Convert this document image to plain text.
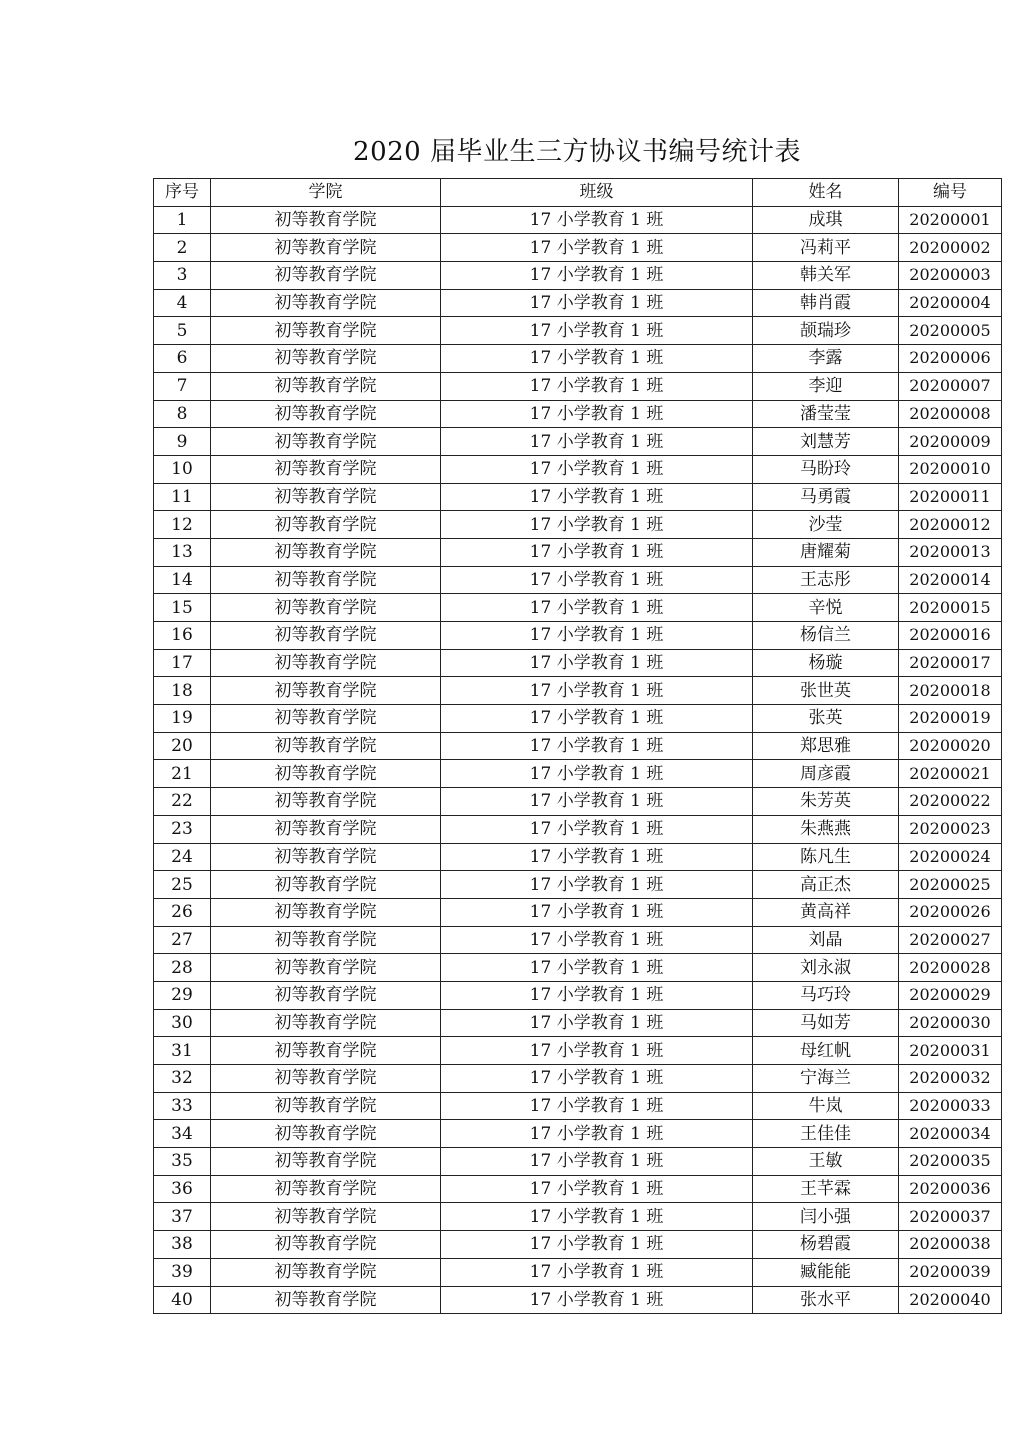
2020 届毕业生三方协议书编号统计表
序号	学院	班级	姓名	编号
1	初等教育学院	17 小学教育 1 班	成琪	20200001
2	初等教育学院	17 小学教育 1 班	冯莉平	20200002
3	初等教育学院	17 小学教育 1 班	韩关军	20200003
4	初等教育学院	17 小学教育 1 班	韩肖霞	20200004
5	初等教育学院	17 小学教育 1 班	颉瑞珍	20200005
6	初等教育学院	17 小学教育 1 班	李露	20200006
7	初等教育学院	17 小学教育 1 班	李迎	20200007
8	初等教育学院	17 小学教育 1 班	潘莹莹	20200008
9	初等教育学院	17 小学教育 1 班	刘慧芳	20200009
10	初等教育学院	17 小学教育 1 班	马盼玲	20200010
11	初等教育学院	17 小学教育 1 班	马勇霞	20200011
12	初等教育学院	17 小学教育 1 班	沙莹	20200012
13	初等教育学院	17 小学教育 1 班	唐耀菊	20200013
14	初等教育学院	17 小学教育 1 班	王志彤	20200014
15	初等教育学院	17 小学教育 1 班	辛悦	20200015
16	初等教育学院	17 小学教育 1 班	杨信兰	20200016
17	初等教育学院	17 小学教育 1 班	杨璇	20200017
18	初等教育学院	17 小学教育 1 班	张世英	20200018
19	初等教育学院	17 小学教育 1 班	张英	20200019
20	初等教育学院	17 小学教育 1 班	郑思雅	20200020
21	初等教育学院	17 小学教育 1 班	周彦霞	20200021
22	初等教育学院	17 小学教育 1 班	朱芳英	20200022
23	初等教育学院	17 小学教育 1 班	朱燕燕	20200023
24	初等教育学院	17 小学教育 1 班	陈凡生	20200024
25	初等教育学院	17 小学教育 1 班	高正杰	20200025
26	初等教育学院	17 小学教育 1 班	黄高祥	20200026
27	初等教育学院	17 小学教育 1 班	刘晶	20200027
28	初等教育学院	17 小学教育 1 班	刘永淑	20200028
29	初等教育学院	17 小学教育 1 班	马巧玲	20200029
30	初等教育学院	17 小学教育 1 班	马如芳	20200030
31	初等教育学院	17 小学教育 1 班	母红帆	20200031
32	初等教育学院	17 小学教育 1 班	宁海兰	20200032
33	初等教育学院	17 小学教育 1 班	牛岚	20200033
34	初等教育学院	17 小学教育 1 班	王佳佳	20200034
35	初等教育学院	17 小学教育 1 班	王敏	20200035
36	初等教育学院	17 小学教育 1 班	王芊霖	20200036
37	初等教育学院	17 小学教育 1 班	闫小强	20200037
38	初等教育学院	17 小学教育 1 班	杨碧霞	20200038
39	初等教育学院	17 小学教育 1 班	臧能能	20200039
40	初等教育学院	17 小学教育 1 班	张水平	20200040
